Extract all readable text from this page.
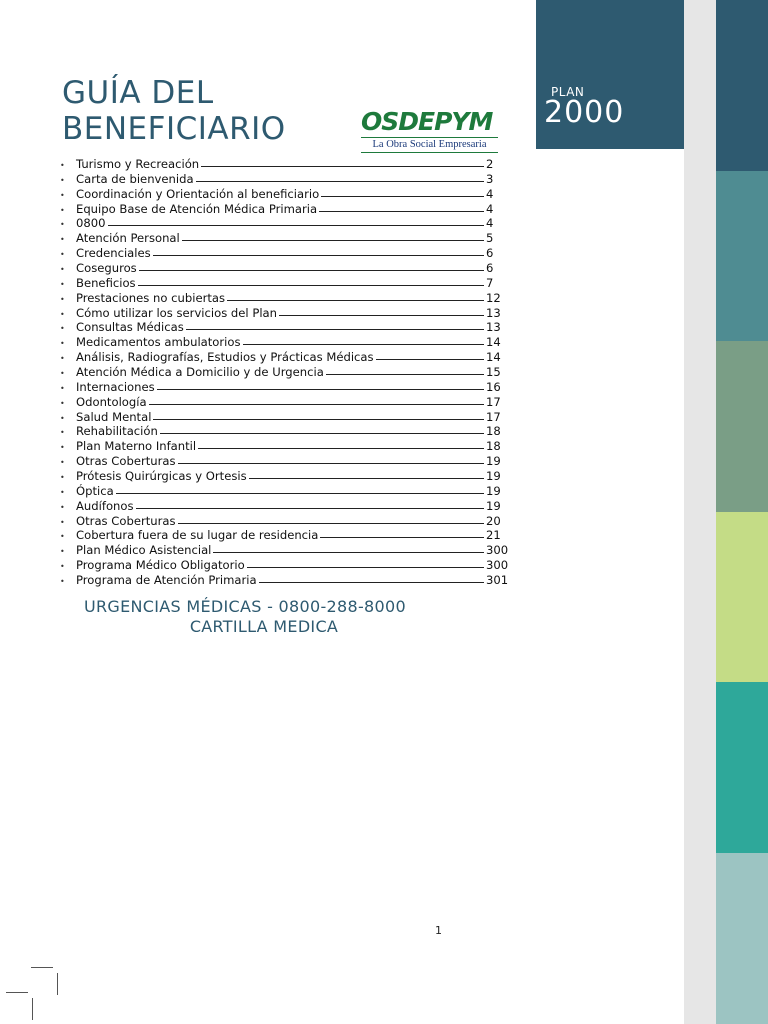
PLAN
2000
GUÍA DEL
BENEFICIARIO	OSDEPYM
La Obra Social Empresaria
• Turismo y Recreación	2
• Carta de bienvenida	3
• Coordinación y Orientación al beneficiario	4
• Equipo Base de Atención Médica Primaria	4
• 0800	4
• Atención Personal	5
• Credenciales	6
• Coseguros	6
• Beneficios	7
• Prestaciones no cubiertas	12
• Cómo utilizar los servicios del Plan	13
• Consultas Médicas	13
• Medicamentos ambulatorios	14
• Análisis, Radiografías, Estudios y Prácticas Médicas	14
• Atención Médica a Domicilio y de Urgencia	15
• Internaciones	16
• Odontología	17
• Salud Mental	17
• Rehabilitación	18
• Plan Materno Infantil	18
• Otras Coberturas	19
• Prótesis Quirúrgicas y Ortesis	19
• Óptica	19
• Audífonos	19
• Otras Coberturas	20
• Cobertura fuera de su lugar de residencia	21
• Plan Médico Asistencial	300
• Programa Médico Obligatorio	300
• Programa de Atención Primaria	301
URGENCIAS MÉDICAS - 0800-288-8000
CARTILLA MEDICA
1
